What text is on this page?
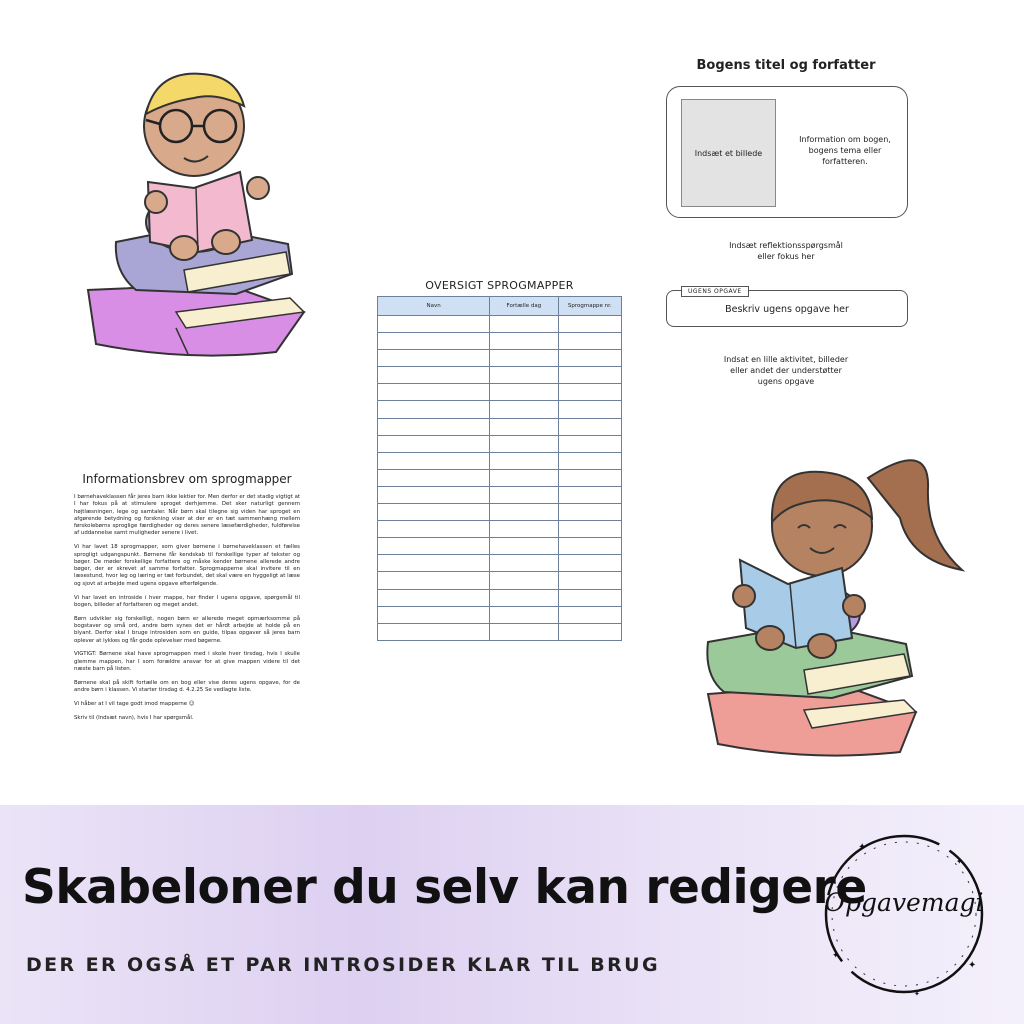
Bogens titel og forfatter
Indsæt et billede
Information om bogen, bogens tema eller forfatteren.
Indsæt reflektionsspørgsmål eller fokus her
UGENS OPGAVE
Beskriv ugens opgave her
Indsat en lille aktivitet, billeder eller andet der understøtter ugens opgave
OVERSIGT SPROGMAPPER
Navn	Fortælle dag	Sprogmappe nr.

Informationsbrev om sprogmapper

I børnehaveklassen får jeres barn ikke lektier for. Men derfor er det stadig vigtigt at I har fokus på at stimulere sproget derhjemme. Det sker naturligt gennem højtlæsningen, lege og samtaler. Når børn skal tilegne sig viden har sproget en afgørende betydning og forskning viser at der er en tæt sammenhæng mellem førskolebørns sproglige færdigheder og deres senere læsefærdigheder, fuldførelse af uddannelse samt muligheder senere i livet.

Vi har lavet 18 sprogmapper, som giver børnene i børnehaveklassen et fælles sprogligt udgangspunkt. Børnene får kendskab til forskellige typer af tekster og bøger. De møder forskellige forfattere og måske kender børnene allerede andre bøger, der er skrevet af samme forfatter. Sprogmapperne skal invitere til en læsestund, hvor leg og læring er tæt forbundet, det skal være en hyggeligt at læse og sjovt at arbejde med ugens opgave efterfølgende.

Vi har lavet en introside i hver mappe, her finder I ugens opgave, spørgsmål til bogen, billeder af forfatteren og meget andet.

Børn udvikler sig forskelligt, nogen børn er allerede meget opmærksomme på bogstaver og små ord, andre børn synes det er hårdt arbejde at holde på en blyant. Derfor skal I bruge introsiden som en guide, tilpas opgaver så jeres barn oplever at lykkes og får gode oplevelser med bøgerne.

VIGTIGT: Børnene skal have sprogmappen med i skole hver tirsdag, hvis I skulle glemme mappen, har I som forældre ansvar for at give mappen videre til det næste barn på listen.

Børnene skal på skift fortælle om en bog eller vise deres ugens opgave, for de andre børn i klassen. Vi starter tirsdag d. 4.2.25 Se vedlagte liste.

Vi håber at I vil tage godt imod mapperne ☺

Skriv til (Indsæt navn), hvis I har spørgsmål.

Skabeloner du selv kan redigere
DER ER OGSÅ ET PAR INTROSIDER KLAR TIL BRUG
✦
✦
✦
✦
✦
Opgavemagi
